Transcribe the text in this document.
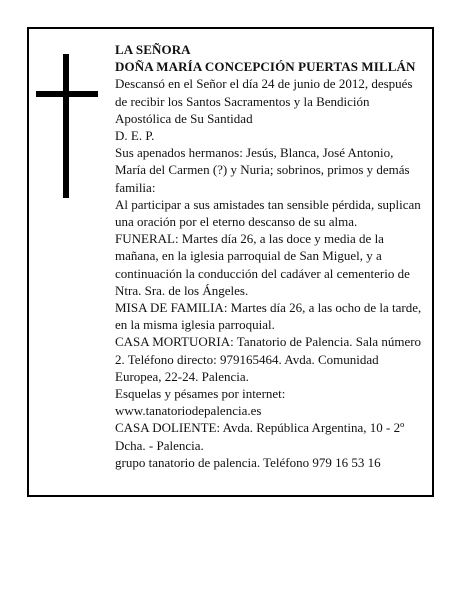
LA SEÑORA

DOÑA MARÍA CONCEPCIÓN PUERTAS MILLÁN

Descansó en el Señor el día 24 de junio de 2012, después de recibir los Santos Sacramentos y la Bendición Apostólica de Su Santidad

D. E. P.

Sus apenados hermanos: Jesús, Blanca, José Antonio, María del Carmen (?) y Nuria; sobrinos, primos y demás familia:

Al participar a sus amistades tan sensible pérdida, suplican una oración por el eterno descanso de su alma.

FUNERAL: Martes día 26, a las doce y media de la mañana, en la iglesia parroquial de San Miguel, y a continuación la conducción del cadáver al cementerio de Ntra. Sra. de los Ángeles.

MISA DE FAMILIA: Martes día 26, a las ocho de la tarde, en la misma iglesia parroquial.

CASA MORTUORIA: Tanatorio de Palencia. Sala número 2. Teléfono directo: 979165464. Avda. Comunidad Europea, 22-24. Palencia.

Esquelas y pésames por internet: www.tanatoriodepalencia.es

CASA DOLIENTE: Avda. República Argentina, 10 - 2º Dcha. - Palencia.

grupo tanatorio de palencia. Teléfono 979 16 53 16
